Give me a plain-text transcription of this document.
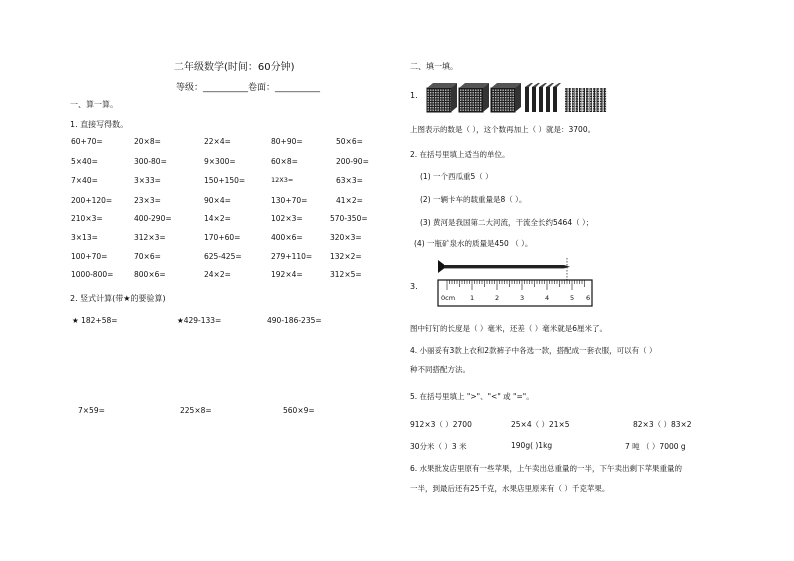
二年级数学(时间：60分钟)
等级：__________卷面：__________
一、算一算。
1. 直接写得数。
60+70=	20×8=	22×4=	80+90=	50×6=
5×40=	300-80=	9×300=	60×8=	200-90=
7×40=	3×33=	150+150=	12X3=	63×3=
200+120=	23×3=	90×4=	130+70=	41×2=
210×3=	400-290=	14×2=	102×3=	570-350=
3×13=	312×3=	170+60=	400×6=	320×3=
100+70=	70×6=	625-425=	279+110= 132×2=
1000-800=	800×6=	24×2=	192×4=	312×5=
2. 竖式计算(带★的要验算)
★ 182+58=	★429-133=	490-186-235=
7×59=	225×8=	560×9=
二、填一填。
1.
上图表示的数是（ ），这个数再加上（ ）就是：3700。
2. 在括号里填上适当的单位。
(1) 一个西瓜重5（ ）
(2) 一辆卡车的载重量是8（ ）。
(3) 黄河是我国第二大河流，干流全长约5464（ ）；
(4) 一瓶矿泉水的质量是450 （ ）。
3.
0cm 1	2	3	4	5 6
图中钉钉的长度是（ ）毫米，还差（ ）毫米就是6厘米了。
4. 小丽妥有3款上衣和2款裤子中各选一款，搭配成一套衣服，可以有（ ）
种不同搭配方法。
5. 在括号里填上 ">"、"<" 或 "="。
912×3（ ）2700	25×4（ ）21×5	82×3（ ）83×2
30分米（ ）3 米	190g( )1kg	7 吨 （ ）7000 g
6. 水果批发店里原有一些苹果，上午卖出总重量的一半，下午卖出剩下苹果重量的
一半，到最后还有25千克，水果店里原来有（ ）千克苹果。
